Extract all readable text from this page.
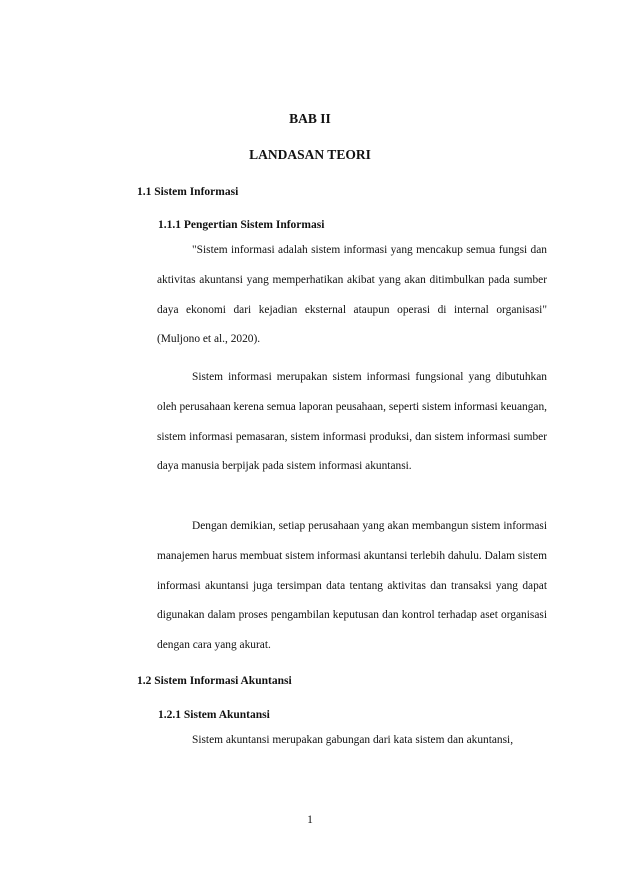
BAB II
LANDASAN TEORI
1.1 Sistem Informasi
1.1.1 Pengertian Sistem Informasi

"Sistem informasi adalah sistem informasi yang mencakup semua fungsi dan aktivitas akuntansi yang memperhatikan akibat yang akan ditimbulkan pada sumber daya ekonomi dari kejadian eksternal ataupun operasi di internal organisasi" (Muljono et al., 2020).

Sistem informasi merupakan sistem informasi fungsional yang dibutuhkan oleh perusahaan kerena semua laporan peusahaan, seperti sistem informasi keuangan, sistem informasi pemasaran, sistem informasi produksi, dan sistem informasi sumber daya manusia berpijak pada sistem informasi akuntansi.

Dengan demikian, setiap perusahaan yang akan membangun sistem informasi manajemen harus membuat sistem informasi akuntansi terlebih dahulu. Dalam sistem informasi akuntansi juga tersimpan data tentang aktivitas dan transaksi yang dapat digunakan dalam proses pengambilan keputusan dan kontrol terhadap aset organisasi dengan cara yang akurat.

1.2 Sistem Informasi Akuntansi
1.2.1 Sistem Akuntansi

Sistem akuntansi merupakan gabungan dari kata sistem dan akuntansi,

1
